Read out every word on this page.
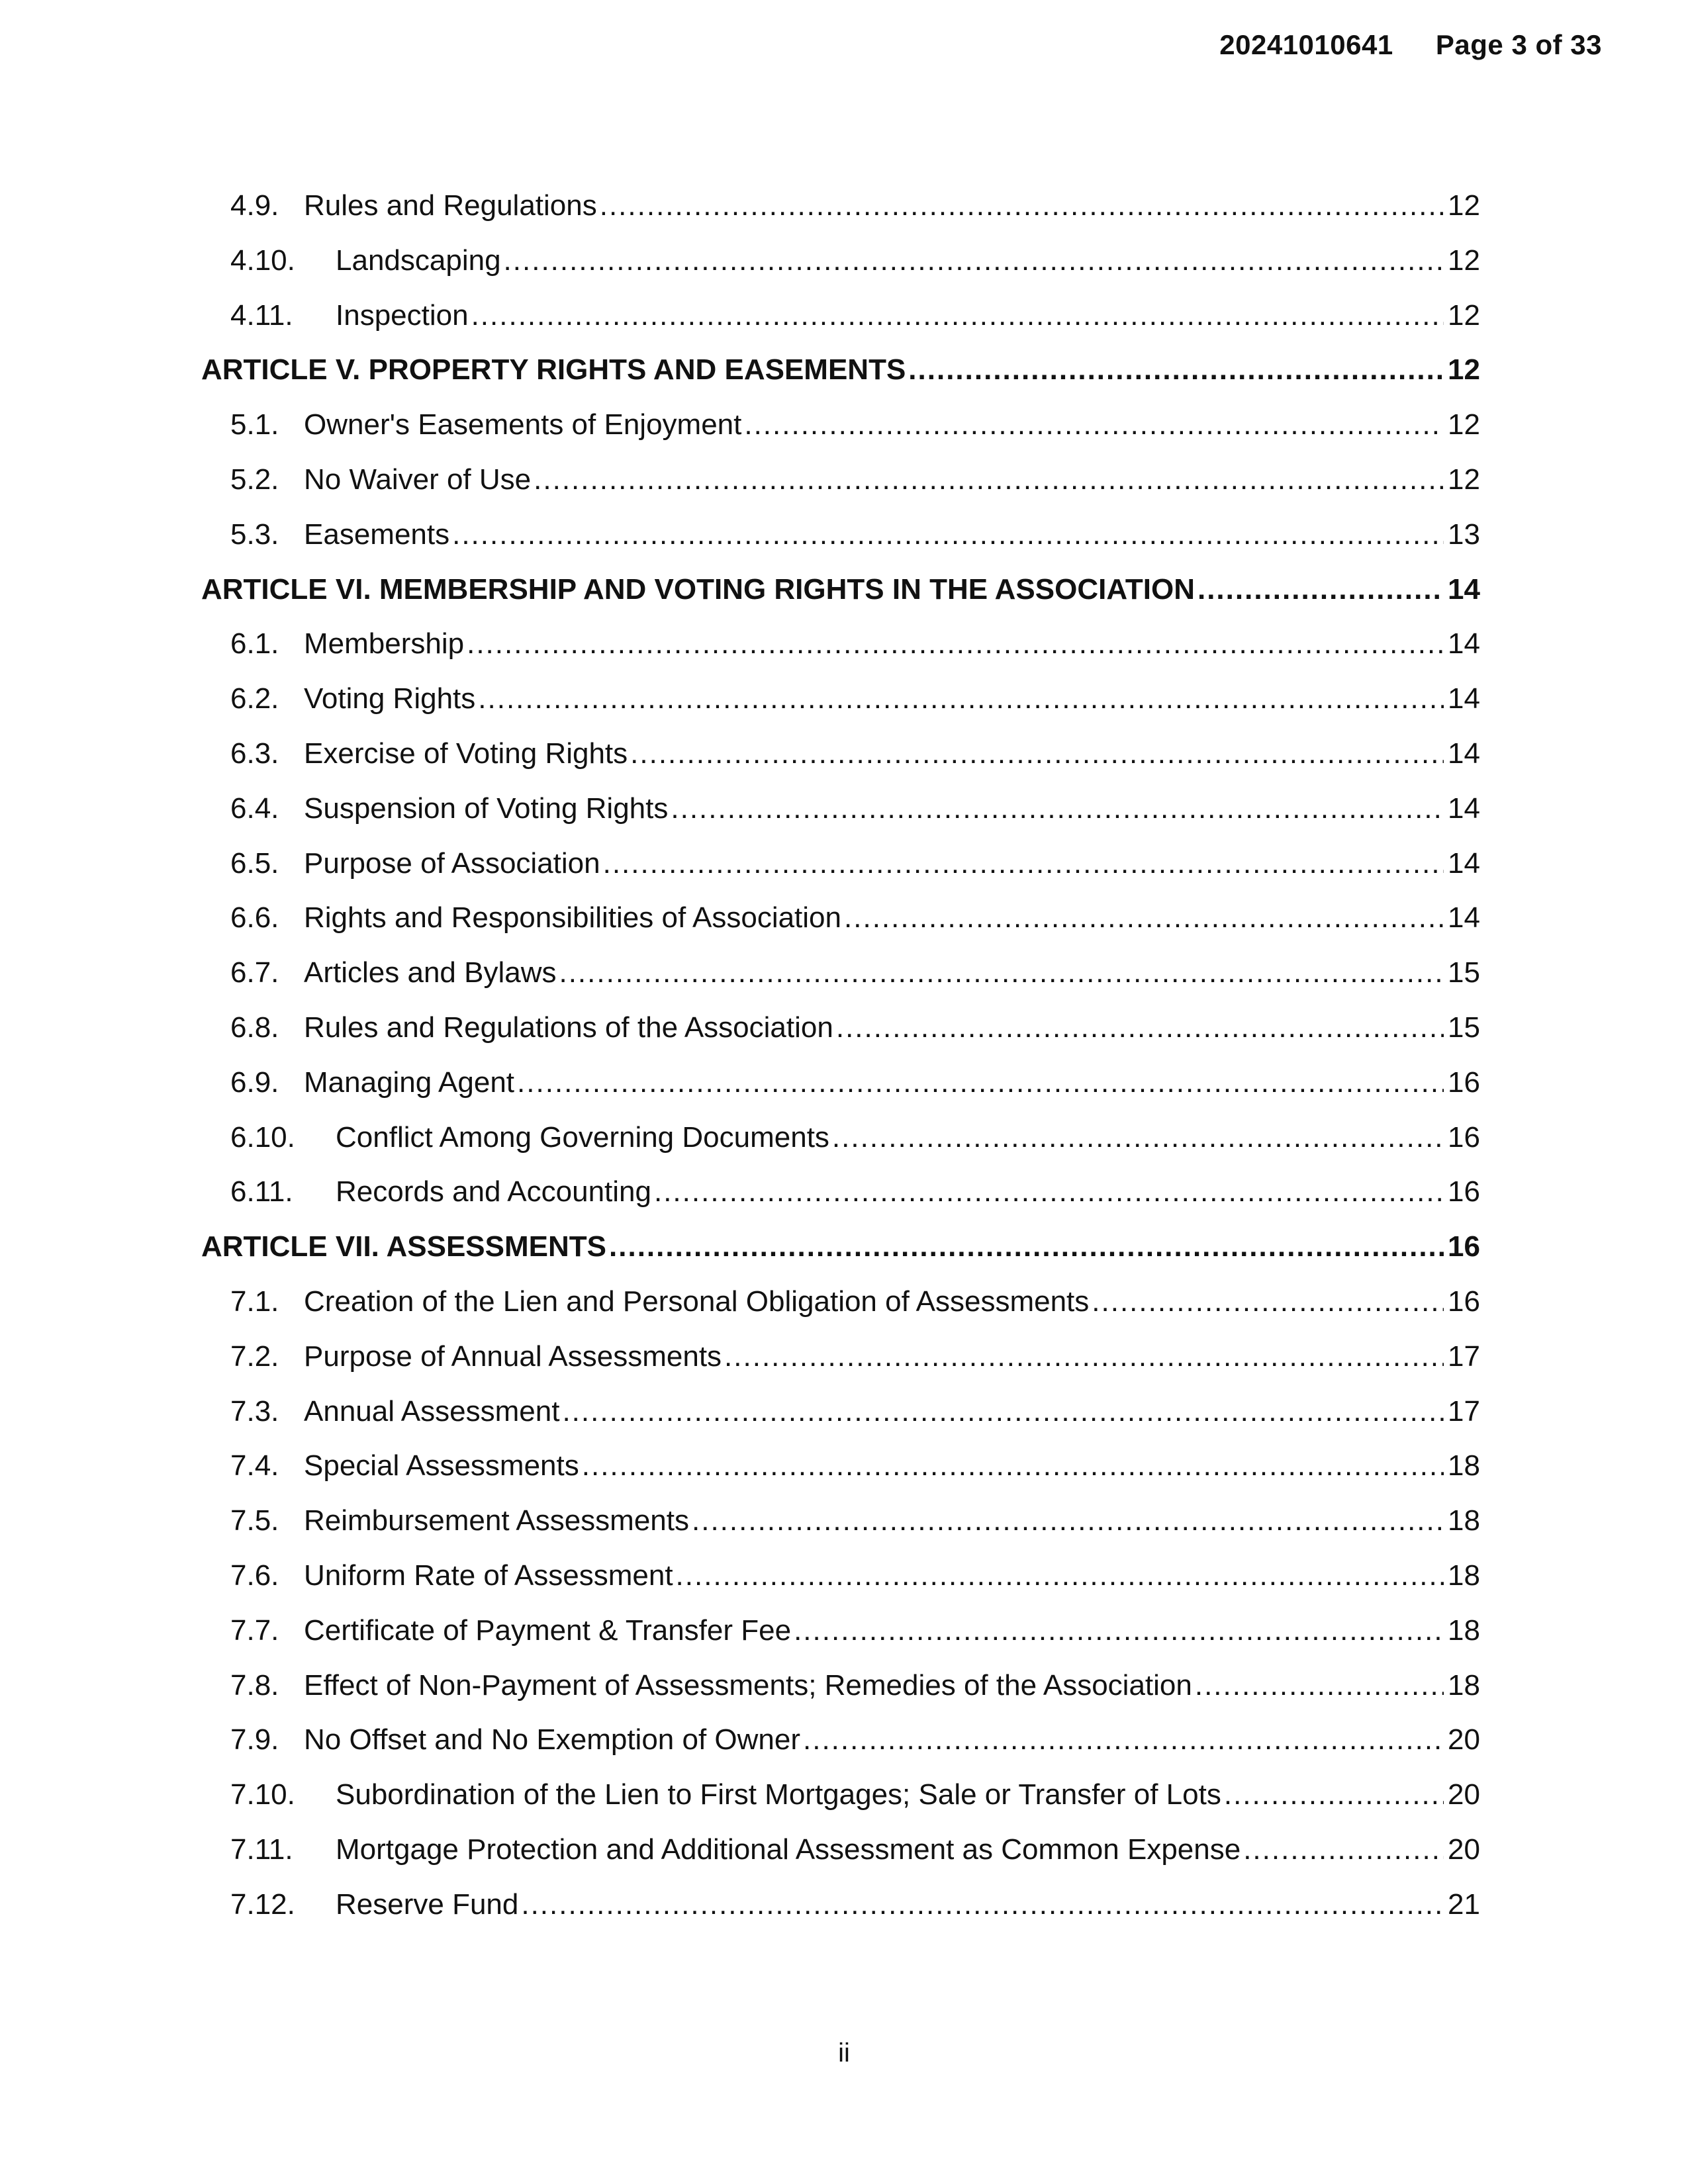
20241010641 Page 3 of 33
4.9. Rules and Regulations .....	12
4.10.	Landscaping .....	12
4.11.	Inspection .....	12
ARTICLE V. PROPERTY RIGHTS AND EASEMENTS .....	12
5.1. Owner's Easements of Enjoyment .....	12
5.2. No Waiver of Use .....	12
5.3. Easements .....	13
ARTICLE VI. MEMBERSHIP AND VOTING RIGHTS IN THE ASSOCIATION .....	14
6.1. Membership .....	14
6.2. Voting Rights .....	14
6.3. Exercise of Voting Rights .....	14
6.4. Suspension of Voting Rights .....	14
6.5. Purpose of Association .....	14
6.6. Rights and Responsibilities of Association .....	14
6.7. Articles and Bylaws .....	15
6.8. Rules and Regulations of the Association .....	15
6.9. Managing Agent .....	16
6.10.	Conflict Among Governing Documents .....	16
6.11.	Records and Accounting .....	16
ARTICLE VII. ASSESSMENTS .....	16
7.1. Creation of the Lien and Personal Obligation of Assessments .....	16
7.2. Purpose of Annual Assessments .....	17
7.3. Annual Assessment .....	17
7.4. Special Assessments .....	18
7.5. Reimbursement Assessments .....	18
7.6. Uniform Rate of Assessment .....	18
7.7. Certificate of Payment & Transfer Fee .....	18
7.8. Effect of Non-Payment of Assessments; Remedies of the Association .....	18
7.9. No Offset and No Exemption of Owner .....	20
7.10.	Subordination of the Lien to First Mortgages; Sale or Transfer of Lots .....	20
7.11.	Mortgage Protection and Additional Assessment as Common Expense .....	20
7.12.	Reserve Fund .....	21
ii
